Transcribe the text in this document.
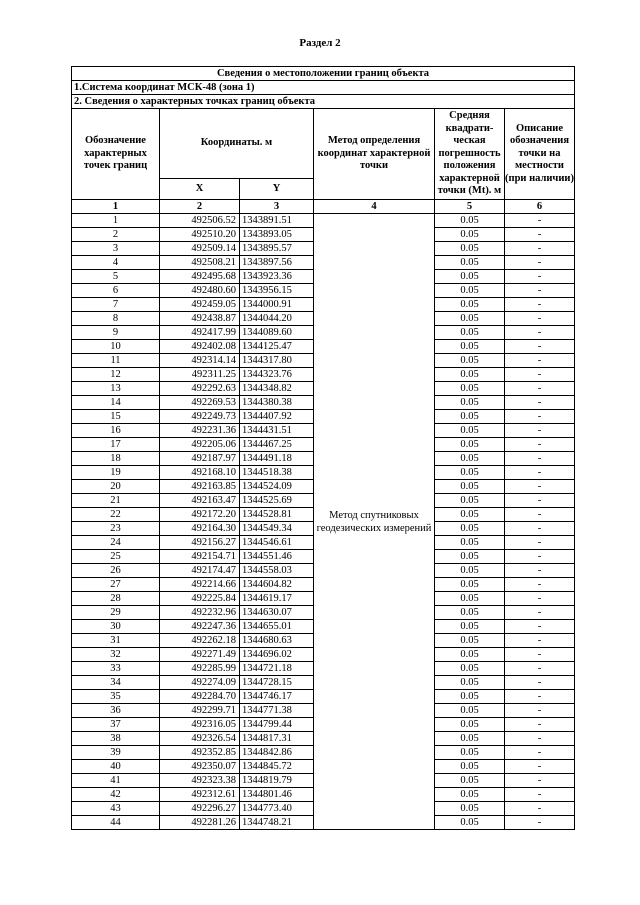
Раздел 2
Сведения о местоположении границ объекта					
1.Система координат МСК-48 (зона 1)					
2. Сведения о характерных точках границ объекта					
Обозначение характерных точек границ	Координаты. м		Метод определения координат характерной точки	Средняя квадрати-ческая погрешность положения характерной точки (Mt). м	Описание обозначения точки на местности (при наличии)
	X	Y			
1	2	3	4	5	6
1	492506.52	1343891.51	Метод спутниковых геодезических измерений	0.05	-
2	492510.20	1343893.05		0.05	-
3	492509.14	1343895.57		0.05	-
4	492508.21	1343897.56		0.05	-
5	492495.68	1343923.36		0.05	-
6	492480.60	1343956.15		0.05	-
7	492459.05	1344000.91		0.05	-
8	492438.87	1344044.20		0.05	-
9	492417.99	1344089.60		0.05	-
10	492402.08	1344125.47		0.05	-
11	492314.14	1344317.80		0.05	-
12	492311.25	1344323.76		0.05	-
13	492292.63	1344348.82		0.05	-
14	492269.53	1344380.38		0.05	-
15	492249.73	1344407.92		0.05	-
16	492231.36	1344431.51		0.05	-
17	492205.06	1344467.25		0.05	-
18	492187.97	1344491.18		0.05	-
19	492168.10	1344518.38		0.05	-
20	492163.85	1344524.09		0.05	-
21	492163.47	1344525.69		0.05	-
22	492172.20	1344528.81		0.05	-
23	492164.30	1344549.34		0.05	-
24	492156.27	1344546.61		0.05	-
25	492154.71	1344551.46		0.05	-
26	492174.47	1344558.03		0.05	-
27	492214.66	1344604.82		0.05	-
28	492225.84	1344619.17		0.05	-
29	492232.96	1344630.07		0.05	-
30	492247.36	1344655.01		0.05	-
31	492262.18	1344680.63		0.05	-
32	492271.49	1344696.02		0.05	-
33	492285.99	1344721.18		0.05	-
34	492274.09	1344728.15		0.05	-
35	492284.70	1344746.17		0.05	-
36	492299.71	1344771.38		0.05	-
37	492316.05	1344799.44		0.05	-
38	492326.54	1344817.31		0.05	-
39	492352.85	1344842.86		0.05	-
40	492350.07	1344845.72		0.05	-
41	492323.38	1344819.79		0.05	-
42	492312.61	1344801.46		0.05	-
43	492296.27	1344773.40		0.05	-
44	492281.26	1344748.21		0.05	-
